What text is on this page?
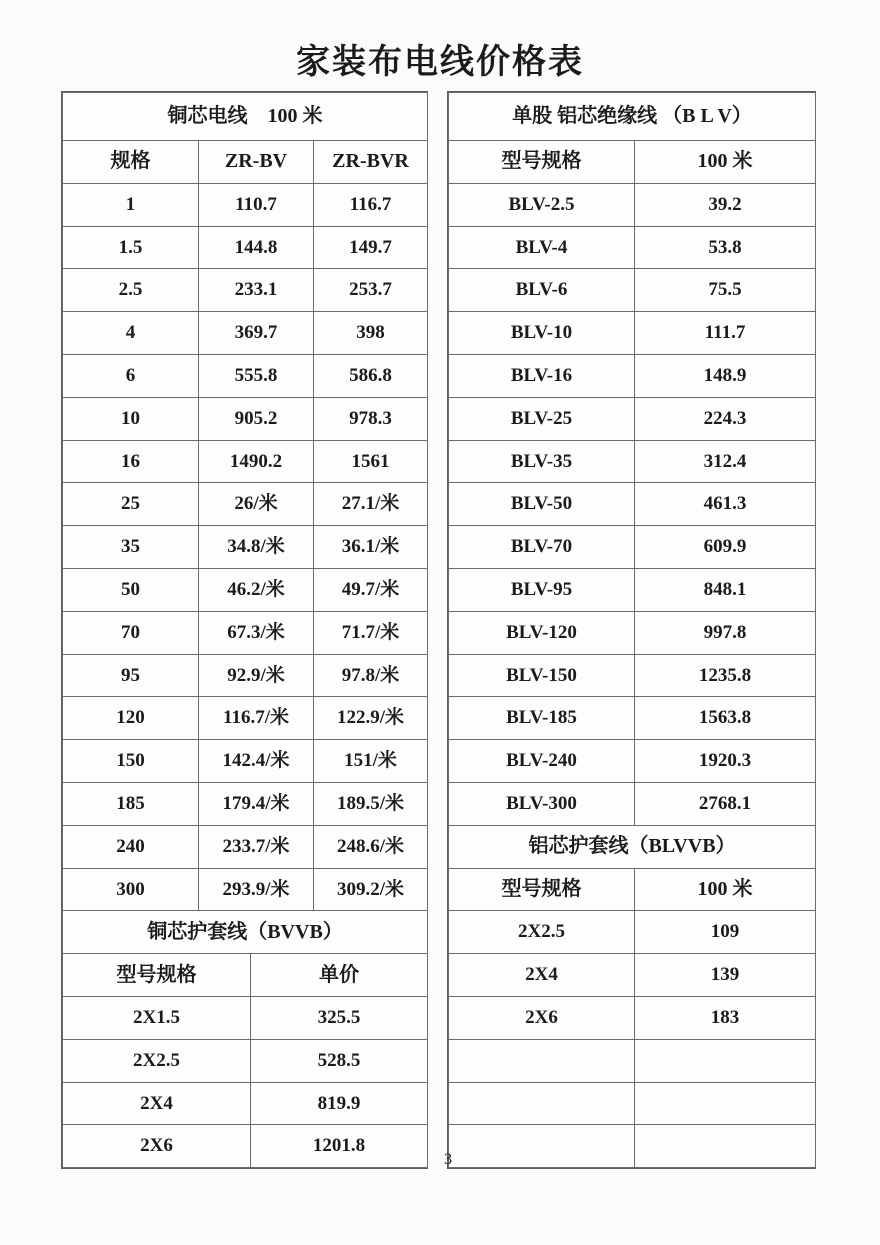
家装布电线价格表
铜芯电线　100 米		
规格	ZR-BV	ZR-BVR
1	110.7	116.7
1.5	144.8	149.7
2.5	233.1	253.7
4	369.7	398
6	555.8	586.8
10	905.2	978.3
16	1490.2	1561
25	26/米	27.1/米
35	34.8/米	36.1/米
50	46.2/米	49.7/米
70	67.3/米	71.7/米
95	92.9/米	97.8/米
120	116.7/米	122.9/米
150	142.4/米	151/米
185	179.4/米	189.5/米
240	233.7/米	248.6/米
300	293.9/米	309.2/米
铜芯护套线（BVVB）	
型号规格	单价
2X1.5	325.5
2X2.5	528.5
2X4	819.9
2X6	1201.8
单股 铝芯绝缘线 （B L V）	
型号规格	100 米
BLV-2.5	39.2
BLV-4	53.8
BLV-6	75.5
BLV-10	111.7
BLV-16	148.9
BLV-25	224.3
BLV-35	312.4
BLV-50	461.3
BLV-70	609.9
BLV-95	848.1
BLV-120	997.8
BLV-150	1235.8
BLV-185	1563.8
BLV-240	1920.3
BLV-300	2768.1
铝芯护套线（BLVVB）	
型号规格	100 米
2X2.5	109
2X4	139
2X6	183

3
